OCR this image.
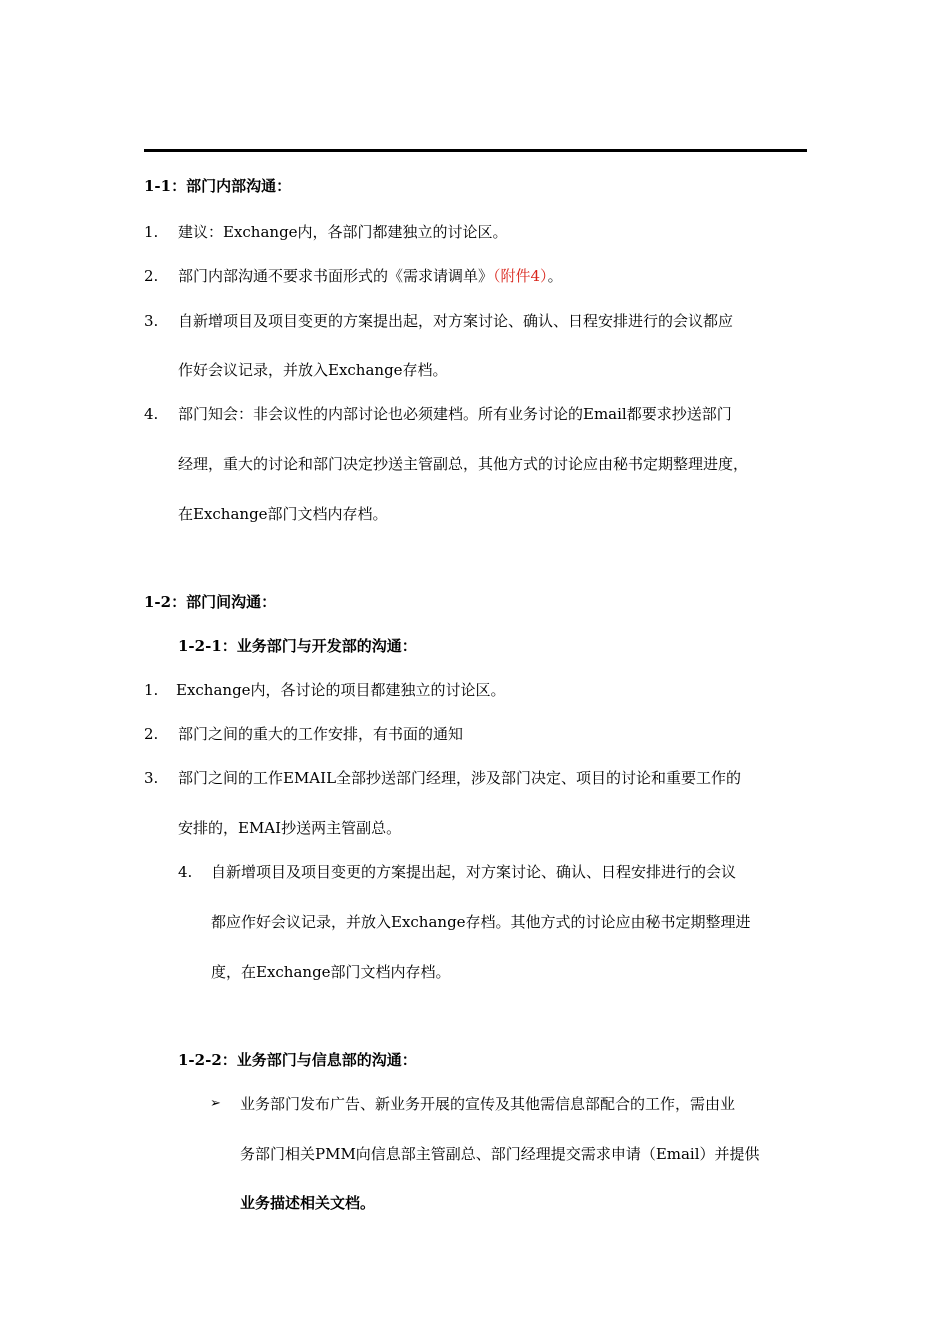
1-1：部门内部沟通：
1. 建议：Exchange内，各部门都建独立的讨论区。
2. 部门内部沟通不要求书面形式的《需求请调单》（附件4）。
3. 自新增项目及项目变更的方案提出起，对方案讨论、确认、日程安排进行的会议都应
作好会议记录，并放入Exchange存档。
4. 部门知会：非会议性的内部讨论也必须建档。所有业务讨论的Email都要求抄送部门
经理，重大的讨论和部门决定抄送主管副总，其他方式的讨论应由秘书定期整理进度，
在Exchange部门文档内存档。
1-2：部门间沟通：
1-2-1：业务部门与开发部的沟通：
1. Exchange内，各讨论的项目都建独立的讨论区。
2. 部门之间的重大的工作安排，有书面的通知
3. 部门之间的工作EMAIL全部抄送部门经理，涉及部门决定、项目的讨论和重要工作的
安排的，EMAI抄送两主管副总。
4. 自新增项目及项目变更的方案提出起，对方案讨论、确认、日程安排进行的会议
都应作好会议记录，并放入Exchange存档。其他方式的讨论应由秘书定期整理进
度，在Exchange部门文档内存档。
1-2-2：业务部门与信息部的沟通：
➢ 业务部门发布广告、新业务开展的宣传及其他需信息部配合的工作，需由业
务部门相关PMM向信息部主管副总、部门经理提交需求申请（Email）并提供
业务描述相关文档。
